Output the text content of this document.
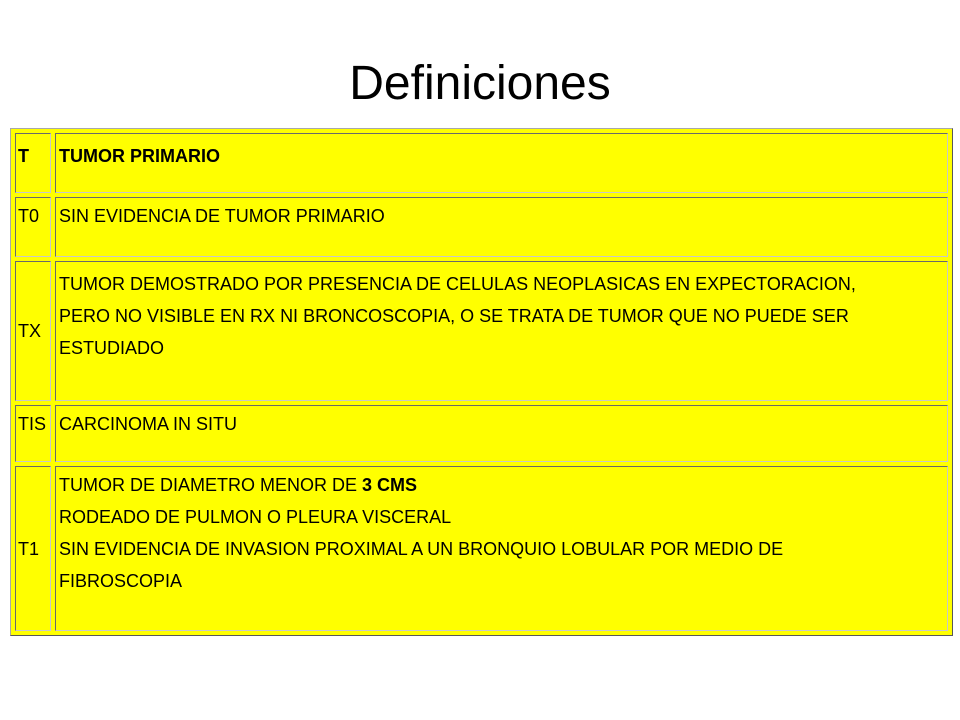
Definiciones
T	TUMOR PRIMARIO
T0	SIN EVIDENCIA DE TUMOR PRIMARIO

TX	TUMOR DEMOSTRADO POR PRESENCIA DE CELULAS NEOPLASICAS EN EXPECTORACION,
PERO NO VISIBLE EN RX NI BRONCOSCOPIA, O SE TRATA DE TUMOR QUE NO PUEDE SER
ESTUDIADO

TIS	CARCINOMA IN SITU

T1	TUMOR DE DIAMETRO MENOR DE 3 CMS
RODEADO DE PULMON O PLEURA VISCERAL
SIN EVIDENCIA DE INVASION PROXIMAL A UN BRONQUIO LOBULAR POR MEDIO DE
FIBROSCOPIA
